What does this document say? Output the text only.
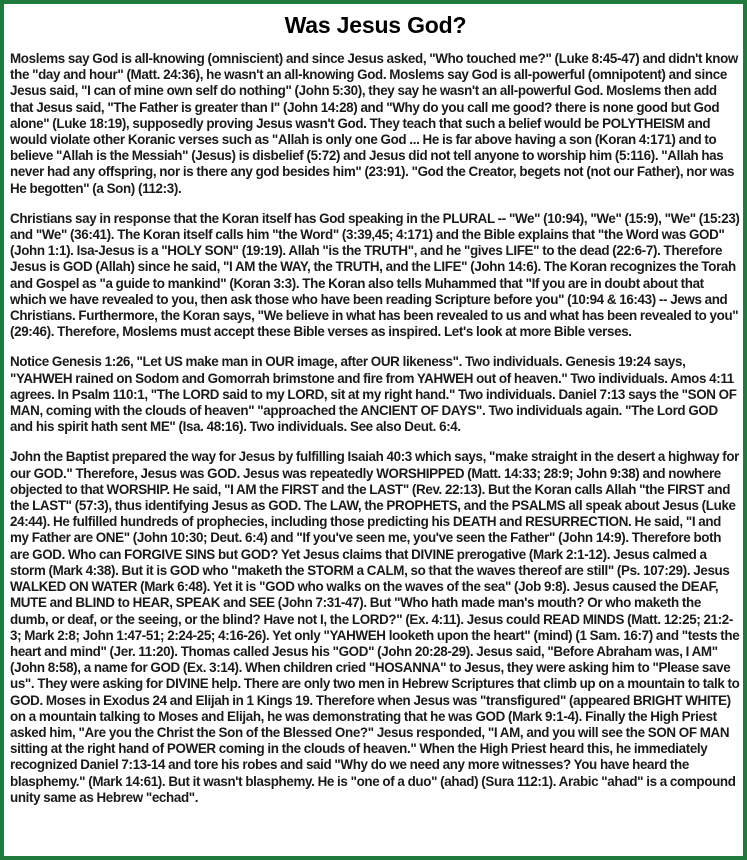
Was Jesus God?

Moslems say God is all-knowing (omniscient) and since Jesus asked, "Who touched me?" (Luke 8:45-47) and didn't know the "day and hour" (Matt. 24:36), he wasn't an all-knowing God. Moslems say God is all-powerful (omnipotent) and since Jesus said, "I can of mine own self do nothing" (John 5:30), they say he wasn't an all-powerful God. Moslems then add that Jesus said, "The Father is greater than I" (John 14:28) and "Why do you call me good? there is none good but God alone" (Luke 18:19), supposedly proving Jesus wasn't God. They teach that such a belief would be POLYTHEISM and would violate other Koranic verses such as "Allah is only one God ... He is far above having a son (Koran 4:171) and to believe "Allah is the Messiah" (Jesus) is disbelief (5:72) and Jesus did not tell anyone to worship him (5:116). "Allah has never had any offspring, nor is there any god besides him" (23:91). "God the Creator, begets not (not our Father), nor was He begotten" (a Son) (112:3).

Christians say in response that the Koran itself has God speaking in the PLURAL -- "We" (10:94), "We" (15:9), "We" (15:23) and "We" (36:41). The Koran itself calls him "the Word" (3:39,45; 4:171) and the Bible explains that "the Word was GOD" (John 1:1). Isa-Jesus is a "HOLY SON" (19:19). Allah "is the TRUTH", and he "gives LIFE" to the dead (22:6-7). Therefore Jesus is GOD (Allah) since he said, "I AM the WAY, the TRUTH, and the LIFE" (John 14:6). The Koran recognizes the Torah and Gospel as "a guide to mankind" (Koran 3:3). The Koran also tells Muhammed that "If you are in doubt about that which we have revealed to you, then ask those who have been reading Scripture before you" (10:94 & 16:43) -- Jews and Christians. Furthermore, the Koran says, "We believe in what has been revealed to us and what has been revealed to you" (29:46). Therefore, Moslems must accept these Bible verses as inspired. Let's look at more Bible verses.

Notice Genesis 1:26, "Let US make man in OUR image, after OUR likeness". Two individuals. Genesis 19:24 says, "YAHWEH rained on Sodom and Gomorrah brimstone and fire from YAHWEH out of heaven." Two individuals. Amos 4:11 agrees. In Psalm 110:1, "The LORD said to my LORD, sit at my right hand." Two individuals. Daniel 7:13 says the "SON OF MAN, coming with the clouds of heaven" "approached the ANCIENT OF DAYS". Two individuals again. "The Lord GOD and his spirit hath sent ME" (Isa. 48:16). Two individuals. See also Deut. 6:4.

John the Baptist prepared the way for Jesus by fulfilling Isaiah 40:3 which says, "make straight in the desert a highway for our GOD." Therefore, Jesus was GOD. Jesus was repeatedly WORSHIPPED (Matt. 14:33; 28:9; John 9:38) and nowhere objected to that WORSHIP. He said, "I AM the FIRST and the LAST" (Rev. 22:13). But the Koran calls Allah "the FIRST and the LAST" (57:3), thus identifying Jesus as GOD. The LAW, the PROPHETS, and the PSALMS all speak about Jesus (Luke 24:44). He fulfilled hundreds of prophecies, including those predicting his DEATH and RESURRECTION. He said, "I and my Father are ONE" (John 10:30; Deut. 6:4) and "If you've seen me, you've seen the Father" (John 14:9). Therefore both are GOD. Who can FORGIVE SINS but GOD? Yet Jesus claims that DIVINE prerogative (Mark 2:1-12). Jesus calmed a storm (Mark 4:38). But it is GOD who "maketh the STORM a CALM, so that the waves thereof are still" (Ps. 107:29). Jesus WALKED ON WATER (Mark 6:48). Yet it is "GOD who walks on the waves of the sea" (Job 9:8). Jesus caused the DEAF, MUTE and BLIND to HEAR, SPEAK and SEE (John 7:31-47). But "Who hath made man's mouth? Or who maketh the dumb, or deaf, or the seeing, or the blind? Have not I, the LORD?" (Ex. 4:11). Jesus could READ MINDS (Matt. 12:25; 21:2-3; Mark 2:8; John 1:47-51; 2:24-25; 4:16-26). Yet only "YAHWEH looketh upon the heart" (mind) (1 Sam. 16:7) and "tests the heart and mind" (Jer. 11:20). Thomas called Jesus his "GOD" (John 20:28-29). Jesus said, "Before Abraham was, I AM" (John 8:58), a name for GOD (Ex. 3:14). When children cried "HOSANNA" to Jesus, they were asking him to "Please save us". They were asking for DIVINE help. There are only two men in Hebrew Scriptures that climb up on a mountain to talk to GOD. Moses in Exodus 24 and Elijah in 1 Kings 19. Therefore when Jesus was "transfigured" (appeared BRIGHT WHITE) on a mountain talking to Moses and Elijah, he was demonstrating that he was GOD (Mark 9:1-4). Finally the High Priest asked him, "Are you the Christ the Son of the Blessed One?" Jesus responded, "I AM, and you will see the SON OF MAN sitting at the right hand of POWER coming in the clouds of heaven." When the High Priest heard this, he immediately recognized Daniel 7:13-14 and tore his robes and said "Why do we need any more witnesses? You have heard the blasphemy." (Mark 14:61). But it wasn't blasphemy. He is "one of a duo" (ahad) (Sura 112:1). Arabic "ahad" is a compound unity same as Hebrew "echad".
